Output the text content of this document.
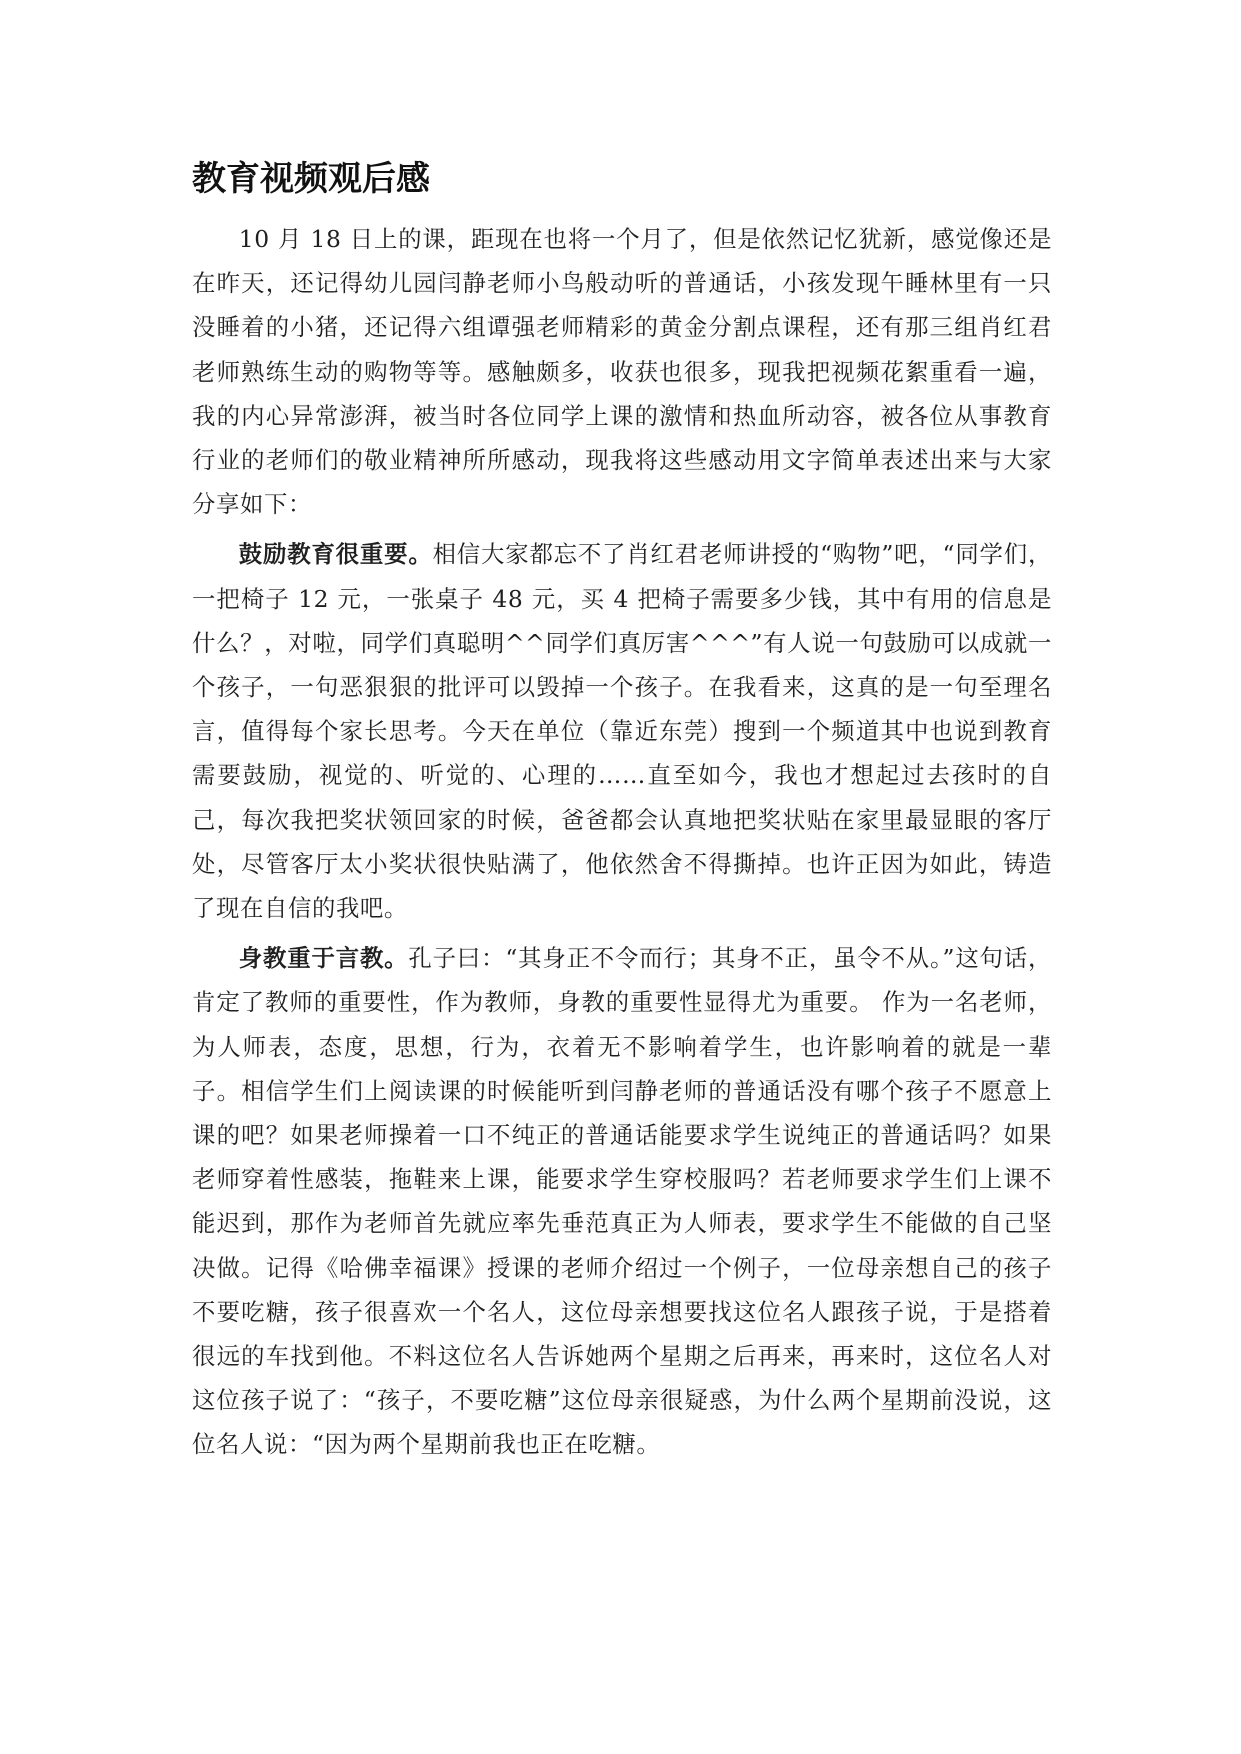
教育视频观后感

10 月 18 日上的课，距现在也将一个月了，但是依然记忆犹新，感觉像还是在昨天，还记得幼儿园闫静老师小鸟般动听的普通话，小孩发现午睡林里有一只没睡着的小猪，还记得六组谭强老师精彩的黄金分割点课程，还有那三组肖红君老师熟练生动的购物等等。感触颇多，收获也很多，现我把视频花絮重看一遍，我的内心异常澎湃，被当时各位同学上课的激情和热血所动容，被各位从事教育行业的老师们的敬业精神所所感动，现我将这些感动用文字简单表述出来与大家分享如下：

鼓励教育很重要。相信大家都忘不了肖红君老师讲授的“购物”吧，“同学们，一把椅子 12 元，一张桌子 48 元，买 4 把椅子需要多少钱，其中有用的信息是什么？，对啦，同学们真聪明^^同学们真厉害^^^”有人说一句鼓励可以成就一个孩子，一句恶狠狠的批评可以毁掉一个孩子。在我看来，这真的是一句至理名言，值得每个家长思考。今天在单位（靠近东莞）搜到一个频道其中也说到教育需要鼓励，视觉的、听觉的、心理的……直至如今，我也才想起过去孩时的自己，每次我把奖状领回家的时候，爸爸都会认真地把奖状贴在家里最显眼的客厅处，尽管客厅太小奖状很快贴满了，他依然舍不得撕掉。也许正因为如此，铸造了现在自信的我吧。

身教重于言教。孔子曰：“其身正不令而行；其身不正，虽令不从。”这句话，肯定了教师的重要性，作为教师，身教的重要性显得尤为重要。 作为一名老师，为人师表，态度，思想，行为，衣着无不影响着学生，也许影响着的就是一辈子。相信学生们上阅读课的时候能听到闫静老师的普通话没有哪个孩子不愿意上课的吧？如果老师操着一口不纯正的普通话能要求学生说纯正的普通话吗？如果老师穿着性感装，拖鞋来上课，能要求学生穿校服吗？若老师要求学生们上课不能迟到，那作为老师首先就应率先垂范真正为人师表，要求学生不能做的自己坚决做。记得《哈佛幸福课》授课的老师介绍过一个例子，一位母亲想自己的孩子不要吃糖，孩子很喜欢一个名人，这位母亲想要找这位名人跟孩子说，于是搭着很远的车找到他。不料这位名人告诉她两个星期之后再来，再来时，这位名人对这位孩子说了：“孩子，不要吃糖”这位母亲很疑惑，为什么两个星期前没说，这位名人说：“因为两个星期前我也正在吃糖。
